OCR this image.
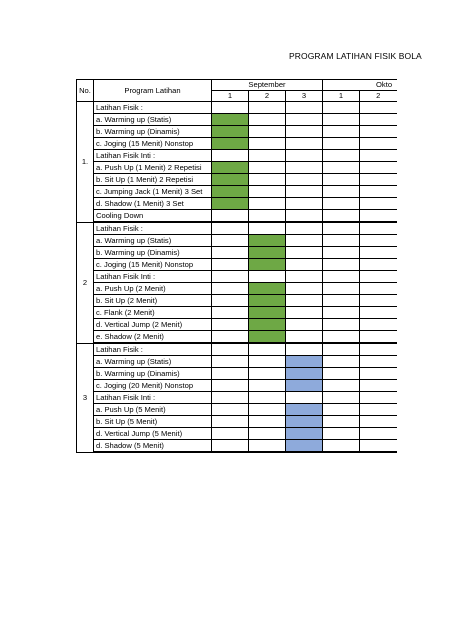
PROGRAM LATIHAN FISIK BOLA
No.	Program Latihan	September			Okto	
		1	2	3	1	2
1.	Latihan Fisik :					
	a. Warming up (Statis)					
	b. Warming up (Dinamis)					
	c. Joging (15 Menit) Nonstop					
	Latihan Fisik Inti :					
	a. Push Up (1 Menit) 2 Repetisi					
	b. Sit Up (1 Menit) 2 Repetisi					
	c. Jumping Jack (1 Menit) 3 Set					
	d. Shadow (1 Menit) 3 Set					
	Cooling Down					
2	Latihan Fisik :					
	a. Warming up (Statis)					
	b. Warming up (Dinamis)					
	c. Joging (15 Menit) Nonstop					
	Latihan Fisik Inti :					
	a. Push Up (2 Menit)					
	b. Sit Up (2 Menit)					
	c. Flank (2 Menit)					
	d. Vertical Jump (2 Menit)					
	e. Shadow (2 Menit)					
3	Latihan Fisik :					
	a. Warming up (Statis)					
	b. Warming up (Dinamis)					
	c. Joging (20 Menit) Nonstop					
	Latihan Fisik Inti :					
	a. Push Up (5 Menit)					
	b. Sit Up (5 Menit)					
	d. Vertical Jump (5 Menit)					
	d. Shadow (5 Menit)					
